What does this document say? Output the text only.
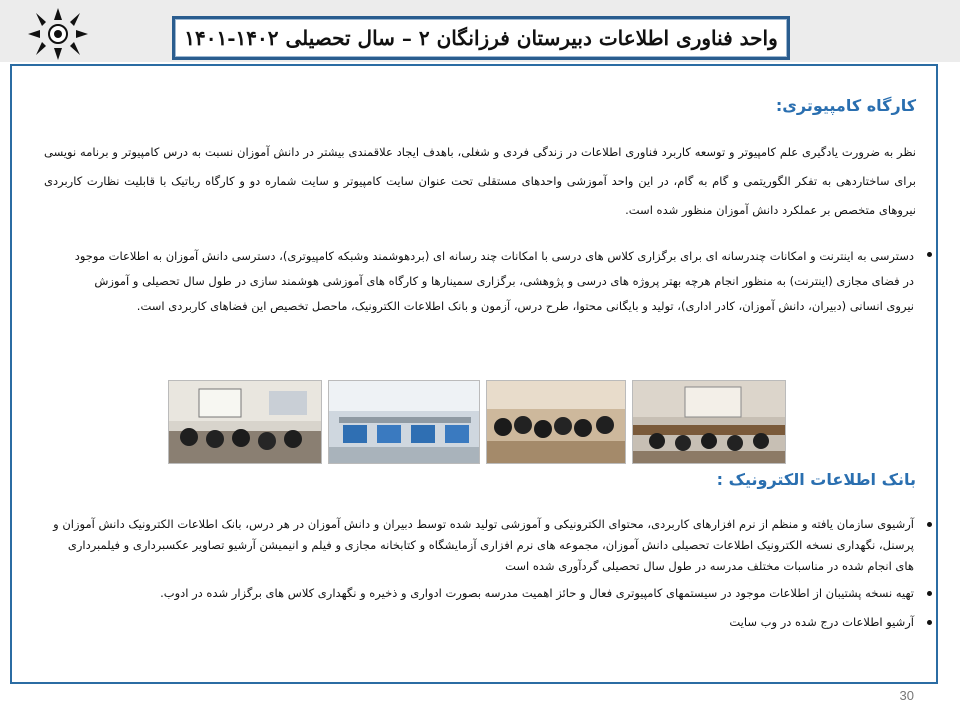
واحد فناوری اطلاعات دبیرستان فرزانگان ۲ – سال تحصیلی ۱۴۰۲-۱۴۰۱
کارگاه کامپیوتری:
نظر به ضرورت یادگیری علم کامپیوتر و توسعه کاربرد فناوری اطلاعات در زندگی فردی و شغلی، باهدف ایجاد علاقمندی بیشتر در دانش آموزان نسبت به درس کامپیوتر و برنامه نویسی برای ساختاردهی به تفکر الگوریتمی و گام به گام، در این واحد آموزشی واحدهای مستقلی تحت عنوان سایت کامپیوتر و سایت شماره دو و کارگاه رباتیک با قابلیت نظارت کاربردی نیروهای متخصص بر عملکرد دانش آموزان منظور شده است.
دسترسی به اینترنت و امکانات چندرسانه ای برای برگزاری کلاس های درسی با امکانات چند رسانه ای (بردهوشمند وشبکه کامپیوتری)، دسترسی دانش آموزان به اطلاعات موجود در فضای مجازی (اینترنت) به منظور انجام هرچه بهتر پروژه های درسی و پژوهشی، برگزاری سمینارها و کارگاه های آموزشی هوشمند سازی در طول سال تحصیلی و آموزش نیروی انسانی (دبیران، دانش آموزان، کادر اداری)، تولید و بایگانی محتوا، طرح درس، آزمون و بانک اطلاعات الکترونیک، ماحصل تخصیص این فضاهای کاربردی است.
بانک اطلاعات الکترونیک :
آرشیوی سازمان یافته و منظم از نرم افزارهای کاربردی، محتوای الکترونیکی و آموزشی تولید شده توسط دبیران و دانش آموزان در هر درس، بانک اطلاعات الکترونیک دانش آموزان و پرسنل، نگهداری نسخه الکترونیک اطلاعات تحصیلی دانش آموزان، مجموعه های نرم افزاری آزمایشگاه و کتابخانه مجازی و فیلم و انیمیشن آرشیو تصاویر عکسبرداری و فیلمبرداری های انجام شده در مناسبات مختلف مدرسه در طول سال تحصیلی گردآوری شده است
تهیه نسخه پشتیبان از اطلاعات موجود در سیستمهای کامپیوتری فعال و حائز اهمیت مدرسه بصورت ادواری و ذخیره و نگهداری کلاس های برگزار شده در ادوب.
آرشیو اطلاعات درج شده در وب سایت
30
